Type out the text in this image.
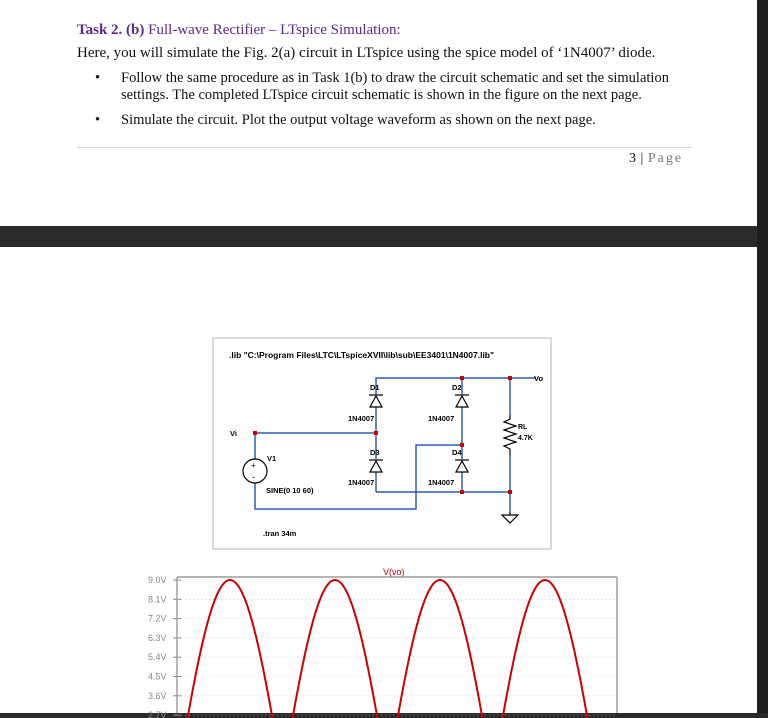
Task 2. (b) Full-wave Rectifier – LTspice Simulation:
Here, you will simulate the Fig. 2(a) circuit in LTspice using the spice model of ‘1N4007’ diode.
• Follow the same procedure as in Task 1(b) to draw the circuit schematic and set the simulation settings. The completed LTspice circuit schematic is shown in the figure on the next page.
• Simulate the circuit. Plot the output voltage waveform as shown on the next page.
3 | Page
.lib "C:\Program Files\LTC\LTspiceXVII\lib\sub\EE3401\1N4007.lib"
D1
1N4007
D2
1N4007
D3
1N4007
D4
1N4007
+
-
V1
SINE(0 10 60)
RL
4.7K
Vi
Vo
.tran 34m
V(vo)
9.0V
8.1V
7.2V
6.3V
5.4V
4.5V
3.6V
2.7V
